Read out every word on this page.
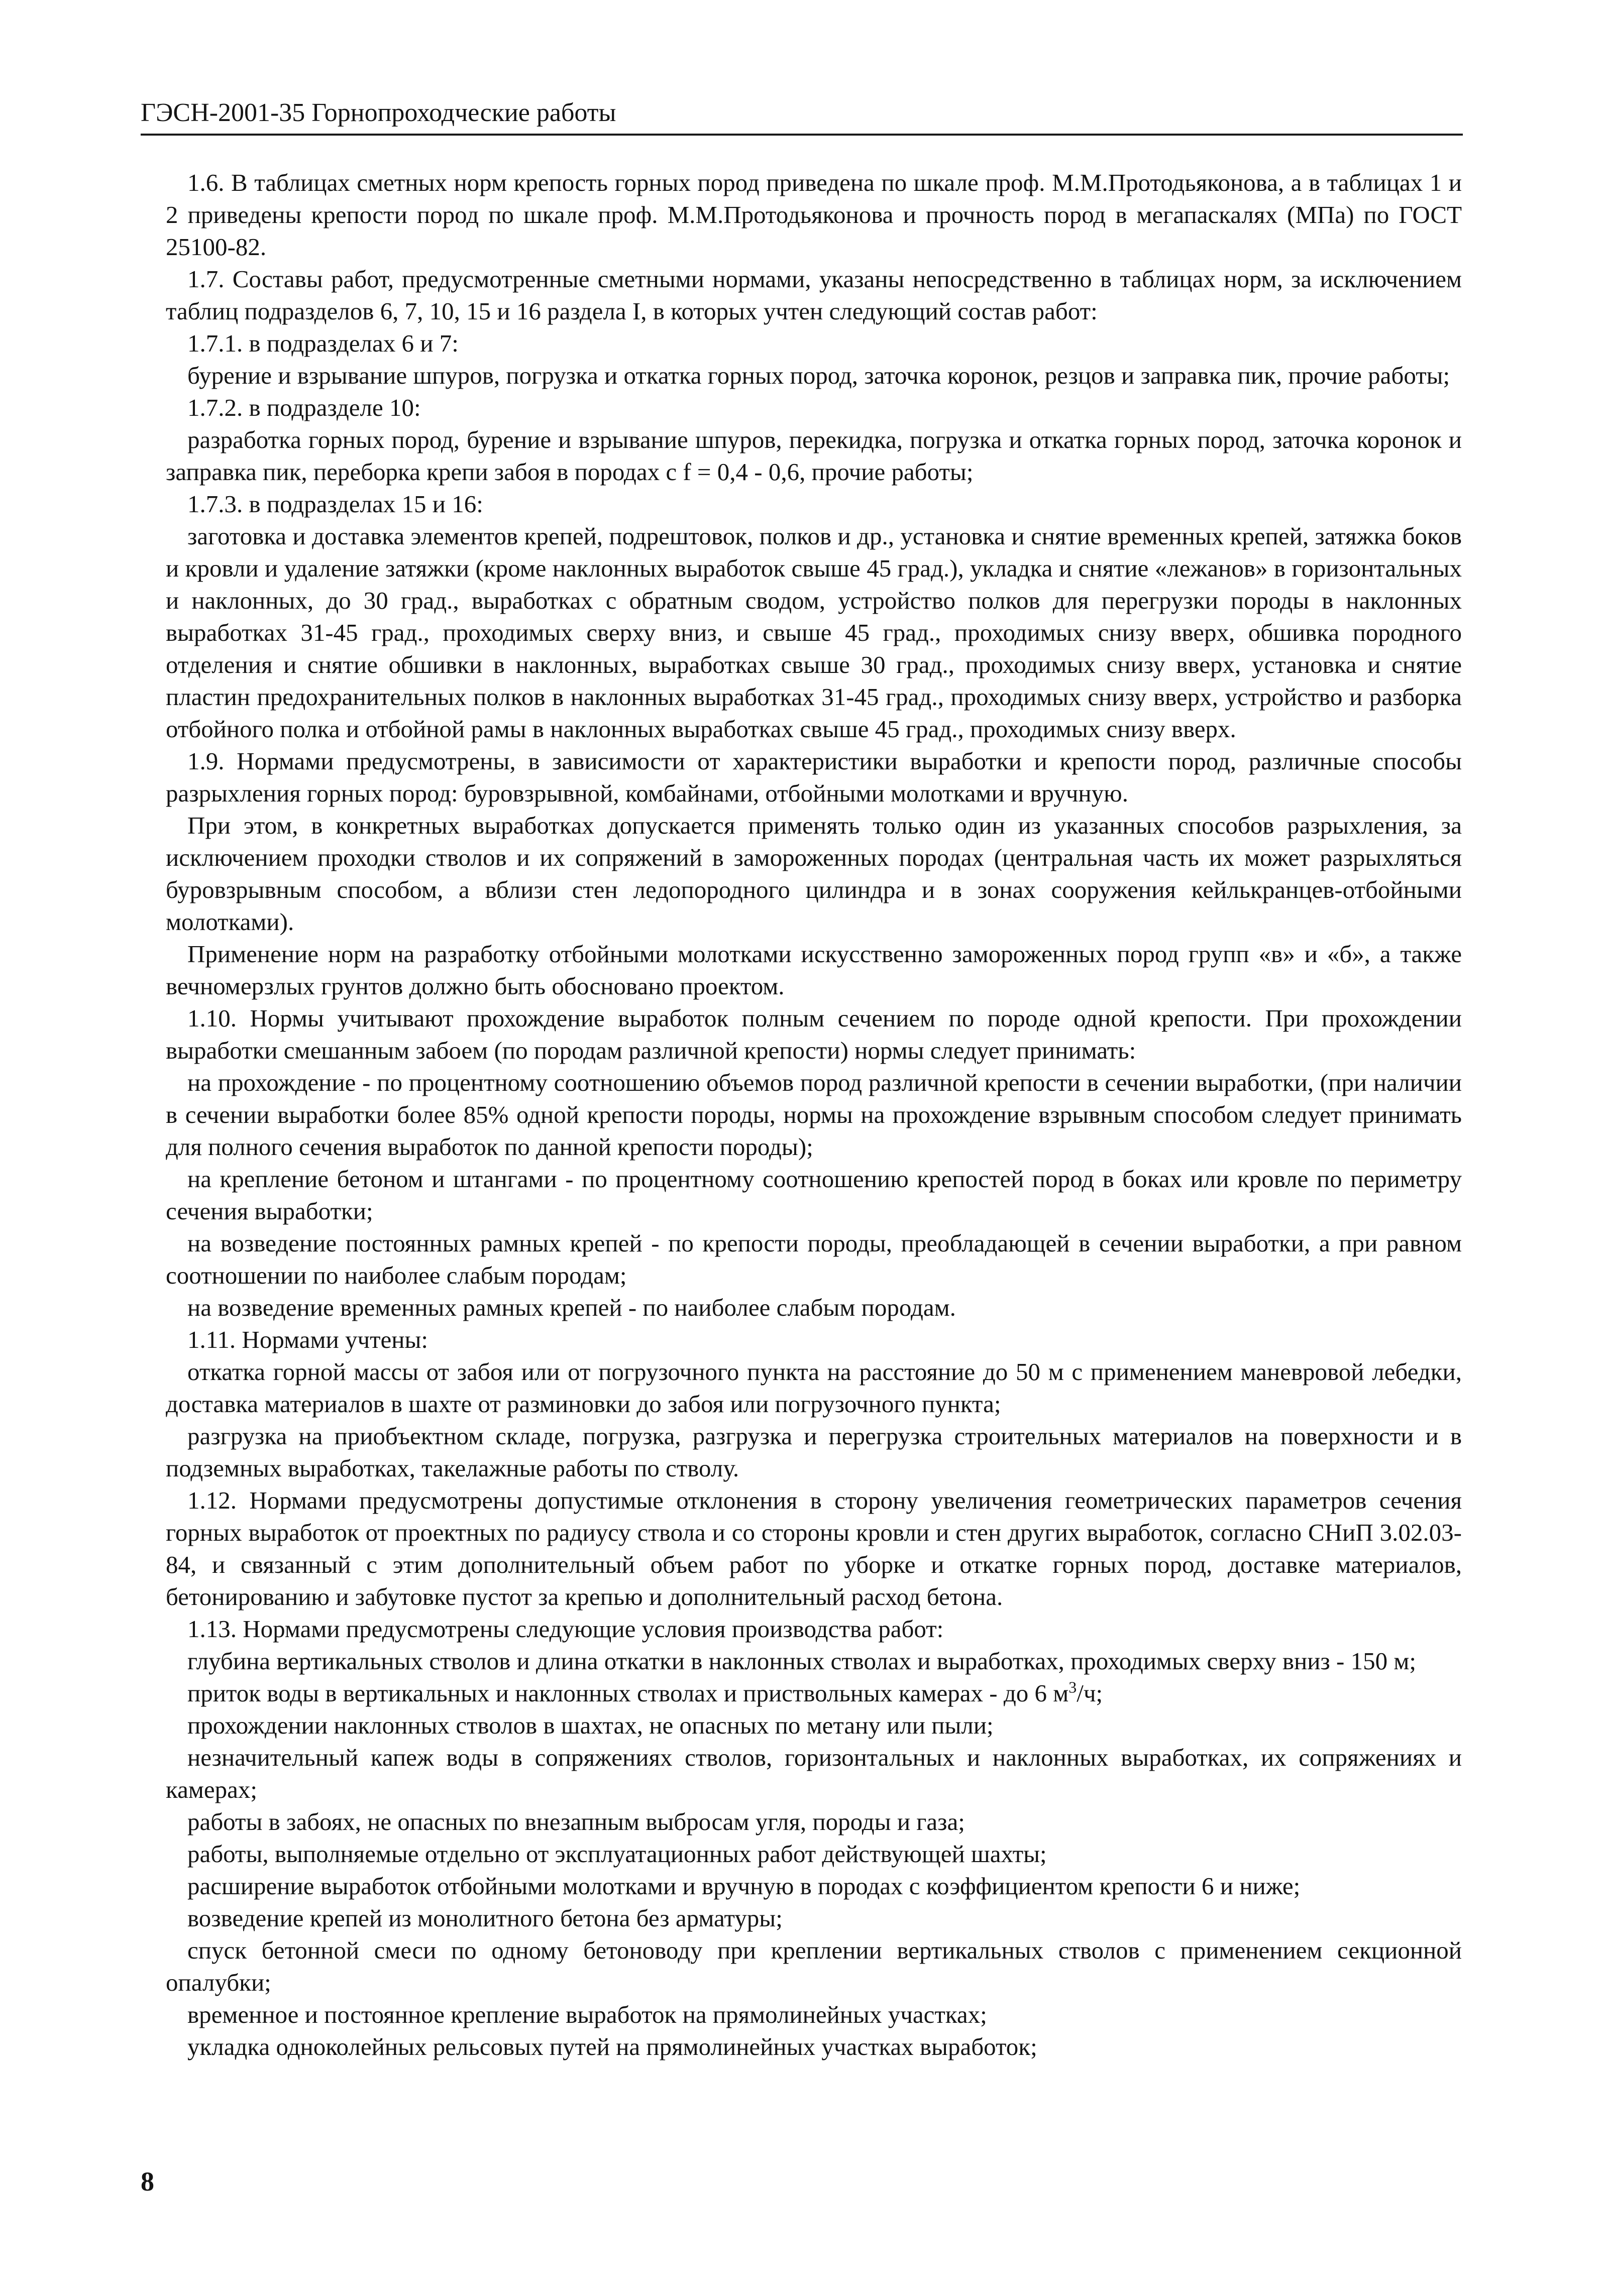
ГЭСН-2001-35 Горнопроходческие работы

1.6. В таблицах сметных норм крепость горных пород приведена по шкале проф. М.М.Протодьяконова, а в таблицах 1 и 2 приведены крепости пород по шкале проф. М.М.Протодьяконова и прочность пород в мегапаскалях (МПа) по ГОСТ 25100-82.

1.7. Составы работ, предусмотренные сметными нормами, указаны непосредственно в таблицах норм, за исключением таблиц подразделов 6, 7, 10, 15 и 16 раздела I, в которых учтен следующий состав работ:

1.7.1. в подразделах 6 и 7:

бурение и взрывание шпуров, погрузка и откатка горных пород, заточка коронок, резцов и заправка пик, прочие работы;

1.7.2. в подразделе 10:

разработка горных пород, бурение и взрывание шпуров, перекидка, погрузка и откатка горных пород, заточка коронок и заправка пик, переборка крепи забоя в породах с f = 0,4 - 0,6, прочие работы;

1.7.3. в подразделах 15 и 16:

заготовка и доставка элементов крепей, подрештовок, полков и др., установка и снятие временных крепей, затяжка боков и кровли и удаление затяжки (кроме наклонных выработок свыше 45 град.), укладка и снятие «лежанов» в горизонтальных и наклонных, до 30 град., выработках с обратным сводом, устройство полков для перегрузки породы в наклонных выработках 31-45 град., проходимых сверху вниз, и свыше 45 град., проходимых снизу вверх, обшивка породного отделения и снятие обшивки в наклонных, выработках свыше 30 град., проходимых снизу вверх, установка и снятие пластин предохранительных полков в наклонных выработках 31-45 град., проходимых снизу вверх, устройство и разборка отбойного полка и отбойной рамы в наклонных выработках свыше 45 град., проходимых снизу вверх.

1.9. Нормами предусмотрены, в зависимости от характеристики выработки и крепости пород, различные способы разрыхления горных пород: буровзрывной, комбайнами, отбойными молотками и вручную.

При этом, в конкретных выработках допускается применять только один из указанных способов разрыхления, за исключением проходки стволов и их сопряжений в замороженных породах (центральная часть их может разрыхляться буровзрывным способом, а вблизи стен ледопородного цилиндра и в зонах сооружения кейлькранцев-отбойными молотками).

Применение норм на разработку отбойными молотками искусственно замороженных пород групп «в» и «б», а также вечномерзлых грунтов должно быть обосновано проектом.

1.10. Нормы учитывают прохождение выработок полным сечением по породе одной крепости. При прохождении выработки смешанным забоем (по породам различной крепости) нормы следует принимать:

на прохождение - по процентному соотношению объемов пород различной крепости в сечении выработки, (при наличии в сечении выработки более 85% одной крепости породы, нормы на прохождение взрывным способом следует принимать для полного сечения выработок по данной крепости породы);

на крепление бетоном и штангами - по процентному соотношению крепостей пород в боках или кровле по периметру сечения выработки;

на возведение постоянных рамных крепей - по крепости породы, преобладающей в сечении выработки, а при равном соотношении по наиболее слабым породам;

на возведение временных рамных крепей - по наиболее слабым породам.

1.11. Нормами учтены:

откатка горной массы от забоя или от погрузочного пункта на расстояние до 50 м с применением маневровой лебедки, доставка материалов в шахте от разминовки до забоя или погрузочного пункта;

разгрузка на приобъектном складе, погрузка, разгрузка и перегрузка строительных материалов на поверхности и в подземных выработках, такелажные работы по стволу.

1.12. Нормами предусмотрены допустимые отклонения в сторону увеличения геометрических параметров сечения горных выработок от проектных по радиусу ствола и со стороны кровли и стен других выработок, согласно СНиП 3.02.03-84, и связанный с этим дополнительный объем работ по уборке и откатке горных пород, доставке материалов, бетонированию и забутовке пустот за крепью и дополнительный расход бетона.

1.13. Нормами предусмотрены следующие условия производства работ:

глубина вертикальных стволов и длина откатки в наклонных стволах и выработках, проходимых сверху вниз - 150 м;

приток воды в вертикальных и наклонных стволах и приствольных камерах - до 6 $м^3/ч$;

прохождении наклонных стволов в шахтах, не опасных по метану или пыли;

незначительный капеж воды в сопряжениях стволов, горизонтальных и наклонных выработках, их сопряжениях и камерах;

работы в забоях, не опасных по внезапным выбросам угля, породы и газа;

работы, выполняемые отдельно от эксплуатационных работ действующей шахты;

расширение выработок отбойными молотками и вручную в породах с коэффициентом крепости 6 и ниже;

возведение крепей из монолитного бетона без арматуры;

спуск бетонной смеси по одному бетоноводу при креплении вертикальных стволов с применением секционной опалубки;

временное и постоянное крепление выработок на прямолинейных участках;

укладка одноколейных рельсовых путей на прямолинейных участках выработок;

8
